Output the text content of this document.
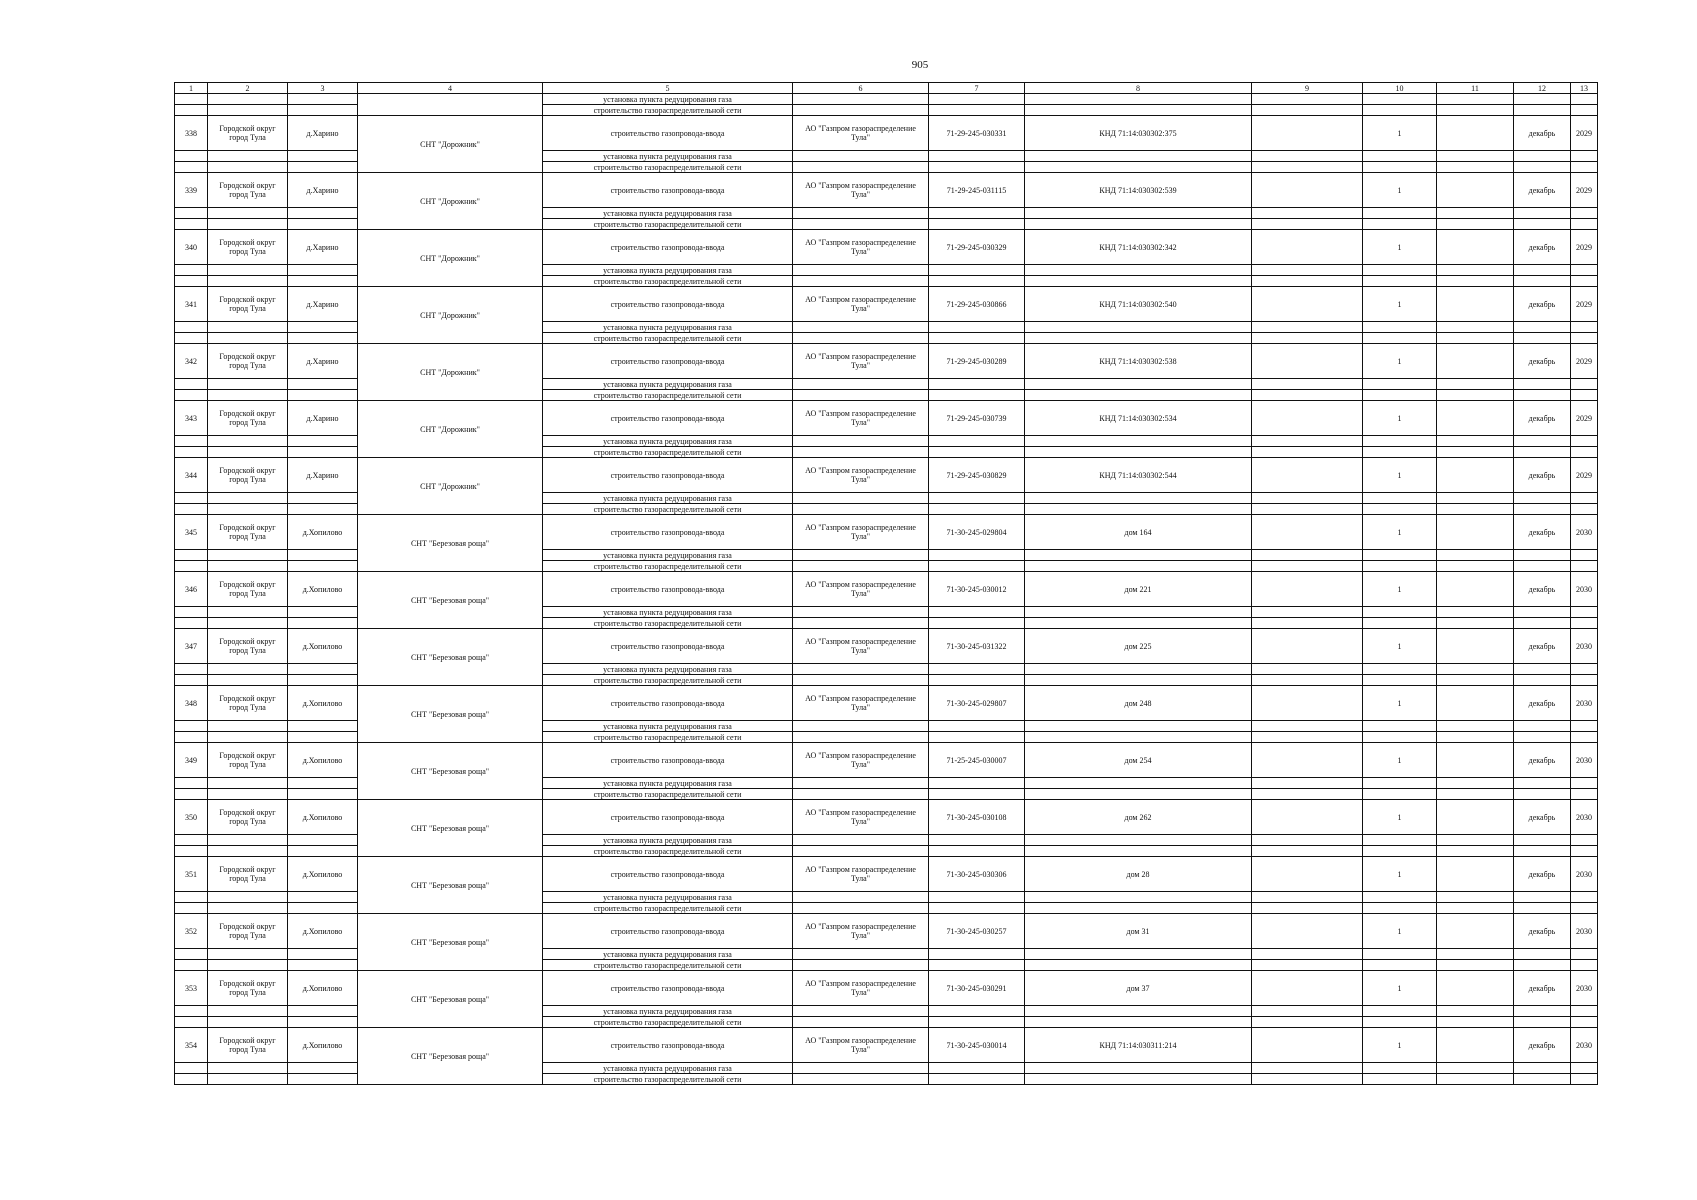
905
1	2	3	4	5	6	7	8	9	10	11	12	13
				установка пункта редуцирования газа								
				строительство газораспределительной сети								
338	Городской округ город Тула	д.Харино	СНТ "Дорожник"	строительство газопровода-ввода	АО "Газпром газораспределение Тула"	71-29-245-030331	КНД 71:14:030302:375		1		декабрь	2029
				установка пункта редуцирования газа								
				строительство газораспределительной сети								
339	Городской округ город Тула	д.Харино	СНТ "Дорожник"	строительство газопровода-ввода	АО "Газпром газораспределение Тула"	71-29-245-031115	КНД 71:14:030302:539		1		декабрь	2029
				установка пункта редуцирования газа								
				строительство газораспределительной сети								
340	Городской округ город Тула	д.Харино	СНТ "Дорожник"	строительство газопровода-ввода	АО "Газпром газораспределение Тула"	71-29-245-030329	КНД 71:14:030302:342		1		декабрь	2029
				установка пункта редуцирования газа								
				строительство газораспределительной сети								
341	Городской округ город Тула	д.Харино	СНТ "Дорожник"	строительство газопровода-ввода	АО "Газпром газораспределение Тула"	71-29-245-030866	КНД 71:14:030302:540		1		декабрь	2029
				установка пункта редуцирования газа								
				строительство газораспределительной сети								
342	Городской округ город Тула	д.Харино	СНТ "Дорожник"	строительство газопровода-ввода	АО "Газпром газораспределение Тула"	71-29-245-030289	КНД 71:14:030302:538		1		декабрь	2029
				установка пункта редуцирования газа								
				строительство газораспределительной сети								
343	Городской округ город Тула	д.Харино	СНТ "Дорожник"	строительство газопровода-ввода	АО "Газпром газораспределение Тула"	71-29-245-030739	КНД 71:14:030302:534		1		декабрь	2029
				установка пункта редуцирования газа								
				строительство газораспределительной сети								
344	Городской округ город Тула	д.Харино	СНТ "Дорожник"	строительство газопровода-ввода	АО "Газпром газораспределение Тула"	71-29-245-030829	КНД 71:14:030302:544		1		декабрь	2029
				установка пункта редуцирования газа								
				строительство газораспределительной сети								
345	Городской округ город Тула	д.Хопилово	СНТ "Березовая роща"	строительство газопровода-ввода	АО "Газпром газораспределение Тула"	71-30-245-029804	дом 164		1		декабрь	2030
				установка пункта редуцирования газа								
				строительство газораспределительной сети								
346	Городской округ город Тула	д.Хопилово	СНТ "Березовая роща"	строительство газопровода-ввода	АО "Газпром газораспределение Тула"	71-30-245-030012	дом 221		1		декабрь	2030
				установка пункта редуцирования газа								
				строительство газораспределительной сети								
347	Городской округ город Тула	д.Хопилово	СНТ "Березовая роща"	строительство газопровода-ввода	АО "Газпром газораспределение Тула"	71-30-245-031322	дом 225		1		декабрь	2030
				установка пункта редуцирования газа								
				строительство газораспределительной сети								
348	Городской округ город Тула	д.Хопилово	СНТ "Березовая роща"	строительство газопровода-ввода	АО "Газпром газораспределение Тула"	71-30-245-029807	дом 248		1		декабрь	2030
				установка пункта редуцирования газа								
				строительство газораспределительной сети								
349	Городской округ город Тула	д.Хопилово	СНТ "Березовая роща"	строительство газопровода-ввода	АО "Газпром газораспределение Тула"	71-25-245-030007	дом 254		1		декабрь	2030
				установка пункта редуцирования газа								
				строительство газораспределительной сети								
350	Городской округ город Тула	д.Хопилово	СНТ "Березовая роща"	строительство газопровода-ввода	АО "Газпром газораспределение Тула"	71-30-245-030108	дом 262		1		декабрь	2030
				установка пункта редуцирования газа								
				строительство газораспределительной сети								
351	Городской округ город Тула	д.Хопилово	СНТ "Березовая роща"	строительство газопровода-ввода	АО "Газпром газораспределение Тула"	71-30-245-030306	дом 28		1		декабрь	2030
				установка пункта редуцирования газа								
				строительство газораспределительной сети								
352	Городской округ город Тула	д.Хопилово	СНТ "Березовая роща"	строительство газопровода-ввода	АО "Газпром газораспределение Тула"	71-30-245-030257	дом 31		1		декабрь	2030
				установка пункта редуцирования газа								
				строительство газораспределительной сети								
353	Городской округ город Тула	д.Хопилово	СНТ "Березовая роща"	строительство газопровода-ввода	АО "Газпром газораспределение Тула"	71-30-245-030291	дом 37		1		декабрь	2030
				установка пункта редуцирования газа								
				строительство газораспределительной сети								
354	Городской округ город Тула	д.Хопилово	СНТ "Березовая роща"	строительство газопровода-ввода	АО "Газпром газораспределение Тула"	71-30-245-030014	КНД 71:14:030311:214		1		декабрь	2030
				установка пункта редуцирования газа								
				строительство газораспределительной сети								
